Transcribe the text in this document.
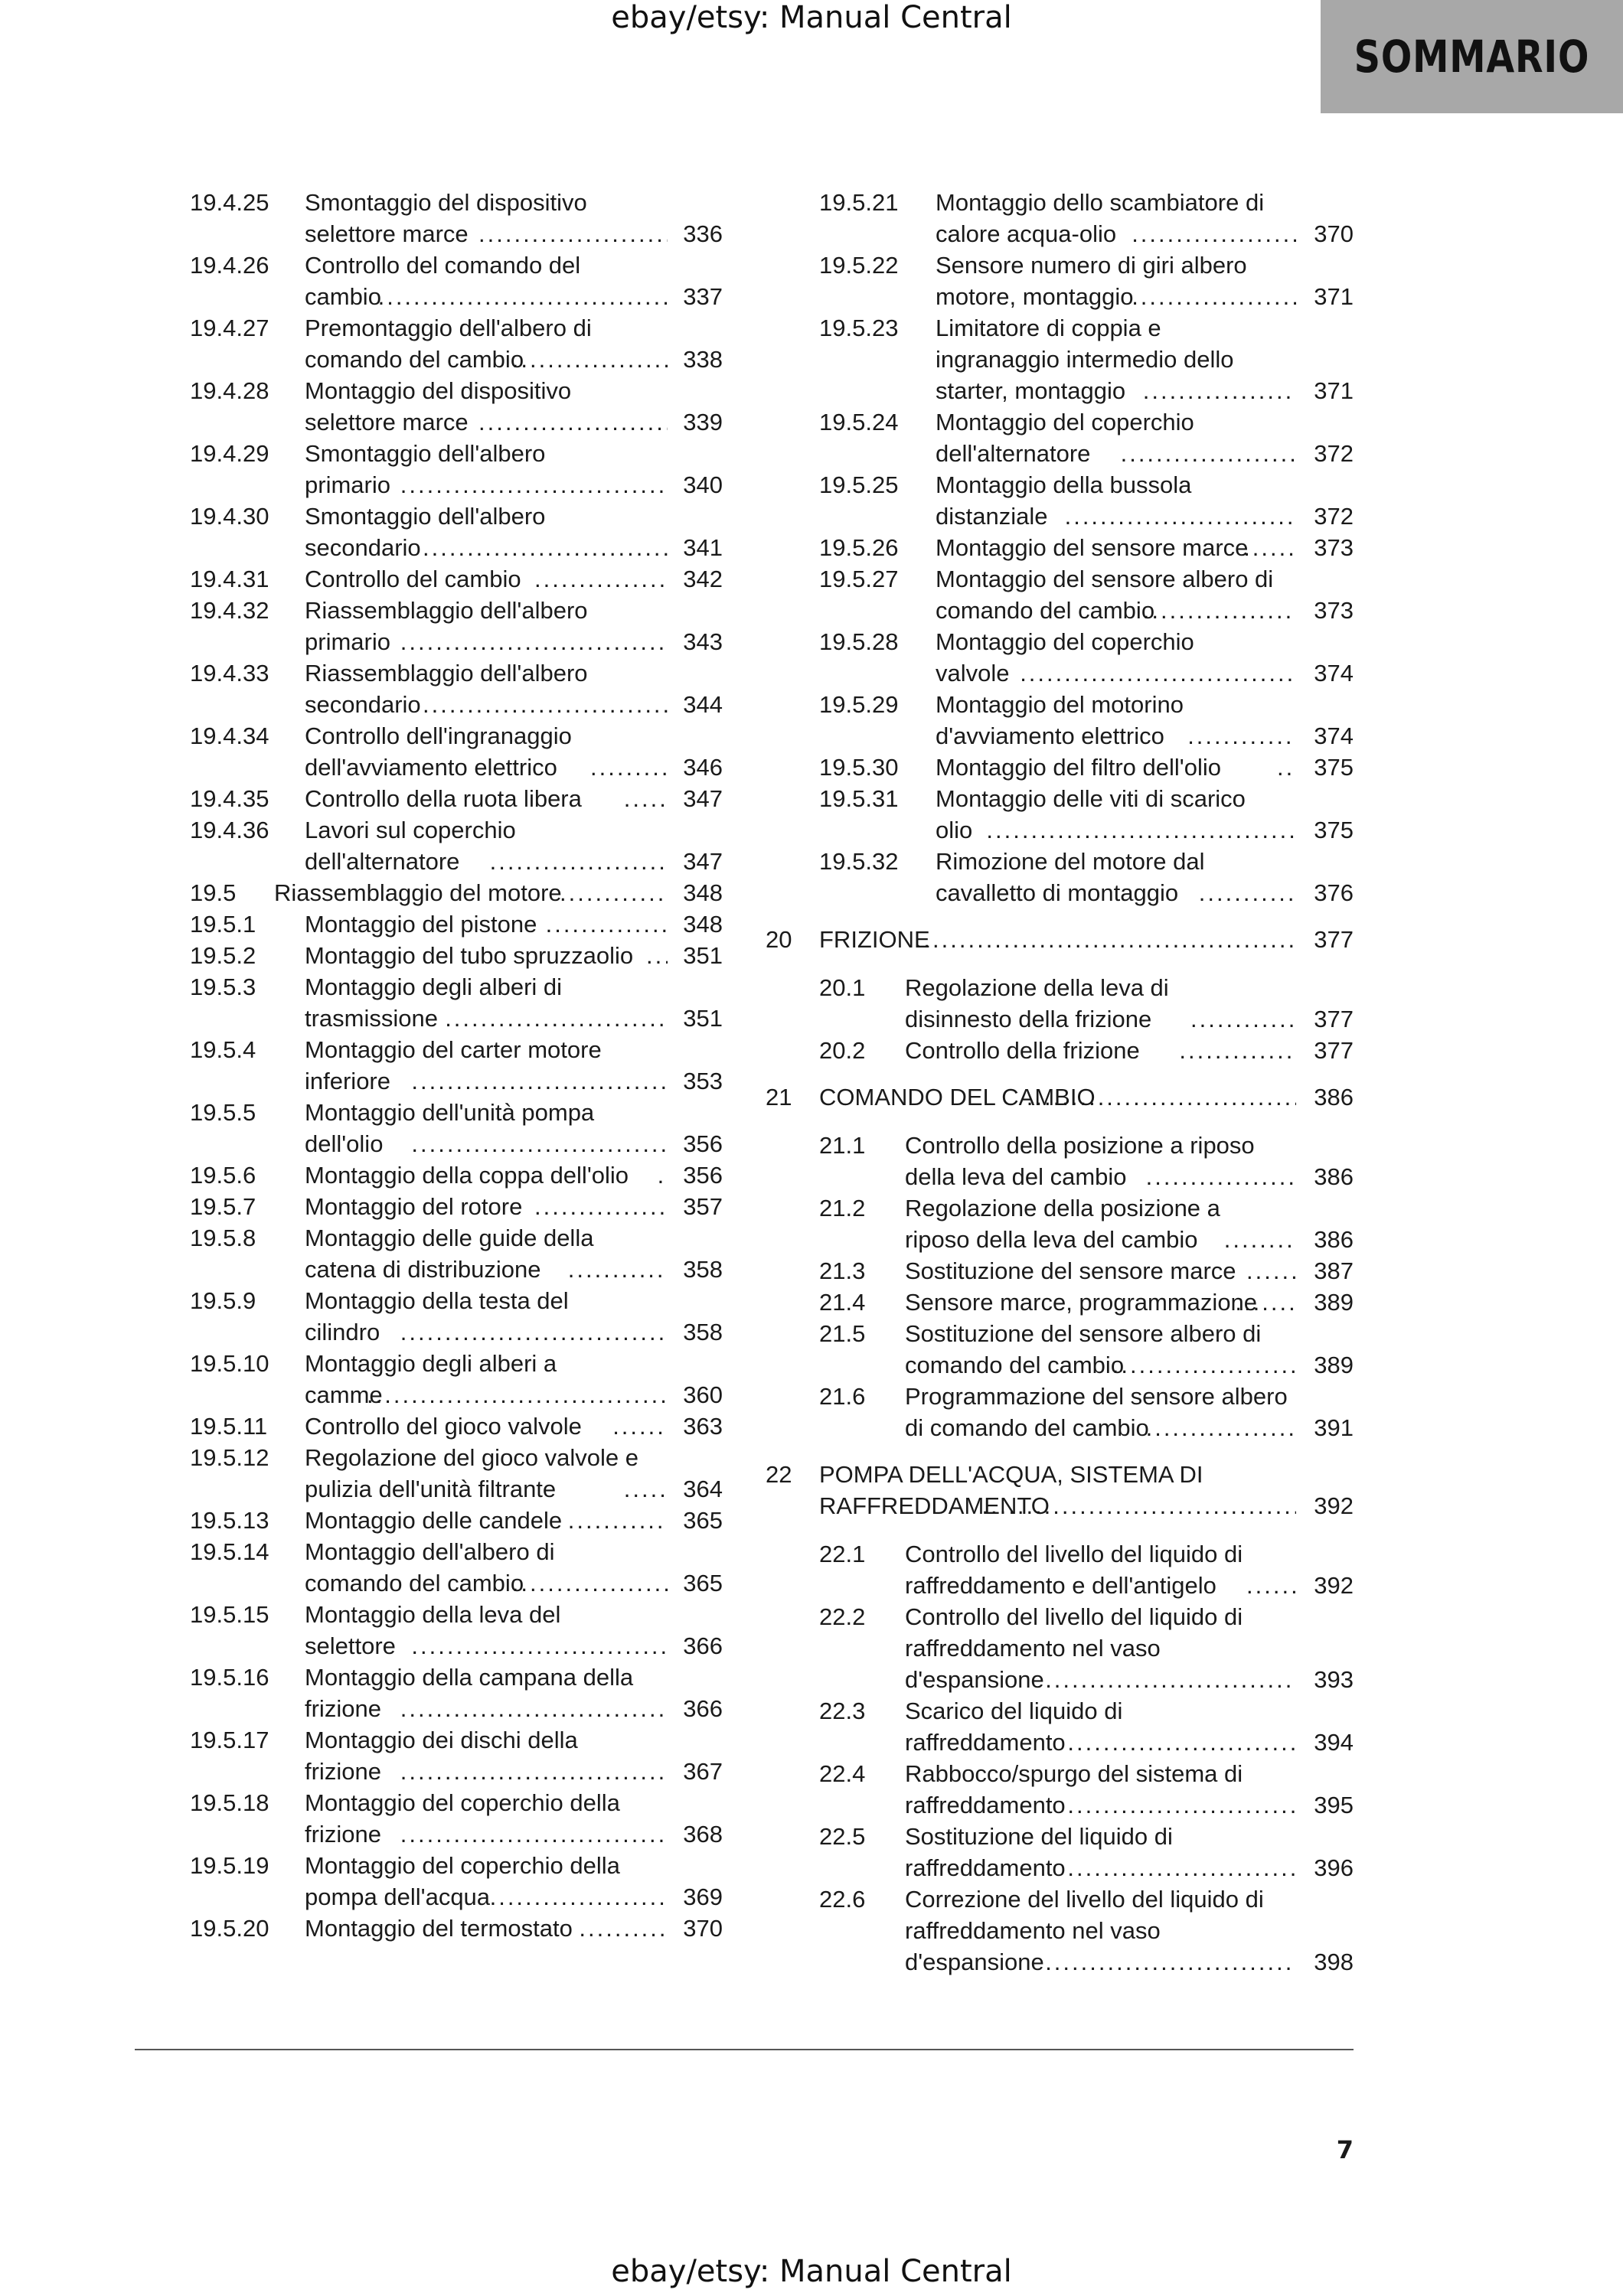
ebay/etsy: Manual Central
SOMMARIO
19.4.25 Smontaggio del dispositivo
selettore marce .....	336
19.4.26 Controllo del comando del
cambio .....	337
19.4.27 Premontaggio dell'albero di
comando del cambio .....	338
19.4.28 Montaggio del dispositivo
selettore marce .....	339
19.4.29 Smontaggio dell'albero
primario .....	340
19.4.30 Smontaggio dell'albero
secondario .....	341
19.4.31 Controllo del cambio .....	342
19.4.32 Riassemblaggio dell'albero
primario .....	343
19.4.33 Riassemblaggio dell'albero
secondario .....	344
19.4.34 Controllo dell'ingranaggio
dell'avviamento elettrico .....	346
19.4.35 Controllo della ruota libera .....	347
19.4.36 Lavori sul coperchio
dell'alternatore .....	347
19.5 Riassemblaggio del motore .....	348
19.5.1 Montaggio del pistone .....	348
19.5.2 Montaggio del tubo spruzzaolio ..... 351
19.5.3 Montaggio degli alberi di
trasmissione .....	351
19.5.4 Montaggio del carter motore
inferiore .....	353
19.5.5 Montaggio dell'unità pompa
dell'olio .....	356
19.5.6 Montaggio della coppa dell'olio ..... 356
19.5.7 Montaggio del rotore .....	357
19.5.8 Montaggio delle guide della
catena di distribuzione .....	358
19.5.9 Montaggio della testa del
cilindro .....	358
19.5.10 Montaggio degli alberi a
camme .....	360
19.5.11 Controllo del gioco valvole .....	363
19.5.12 Regolazione del gioco valvole e
pulizia dell'unità filtrante .....	364
19.5.13 Montaggio delle candele .....	365
19.5.14 Montaggio dell'albero di
comando del cambio .....	365
19.5.15 Montaggio della leva del
selettore .....	366
19.5.16 Montaggio della campana della
frizione .....	366
19.5.17 Montaggio dei dischi della
frizione .....	367
19.5.18 Montaggio del coperchio della
frizione .....	368
19.5.19 Montaggio del coperchio della
pompa dell'acqua .....	369
19.5.20 Montaggio del termostato .....	370
19.5.21 Montaggio dello scambiatore di
calore acqua-olio .....	370
19.5.22 Sensore numero di giri albero
motore, montaggio .....	371
19.5.23 Limitatore di coppia e
ingranaggio intermedio dello
starter, montaggio .....	371
19.5.24 Montaggio del coperchio
dell'alternatore .....	372
19.5.25 Montaggio della bussola
distanziale .....	372
19.5.26 Montaggio del sensore marce .....	373
19.5.27 Montaggio del sensore albero di
comando del cambio .....	373
19.5.28 Montaggio del coperchio
valvole .....	374
19.5.29 Montaggio del motorino
d'avviamento elettrico .....	374
19.5.30 Montaggio del filtro dell'olio .....	375
19.5.31 Montaggio delle viti di scarico
olio .....	375
19.5.32 Rimozione del motore dal
cavalletto di montaggio .....	376
20 FRIZIONE .....	377
20.1 Regolazione della leva di
disinnesto della frizione .....	377
20.2 Controllo della frizione .....	377
21 COMANDO DEL CAMBIO .....	386
21.1 Controllo della posizione a riposo
della leva del cambio .....	386
21.2 Regolazione della posizione a
riposo della leva del cambio .....	386
21.3 Sostituzione del sensore marce .....	387
21.4 Sensore marce, programmazione ..... 389
21.5 Sostituzione del sensore albero di
comando del cambio .....	389
21.6 Programmazione del sensore albero
di comando del cambio .....	391
22 POMPA DELL'ACQUA, SISTEMA DI
RAFFREDDAMENTO .....	392
22.1 Controllo del livello del liquido di
raffreddamento e dell'antigelo .....	392
22.2 Controllo del livello del liquido di
raffreddamento nel vaso
d'espansione .....	393
22.3 Scarico del liquido di
raffreddamento .....	394
22.4 Rabbocco/spurgo del sistema di
raffreddamento .....	395
22.5 Sostituzione del liquido di
raffreddamento .....	396
22.6 Correzione del livello del liquido di
raffreddamento nel vaso
d'espansione .....	398
7
ebay/etsy: Manual Central
